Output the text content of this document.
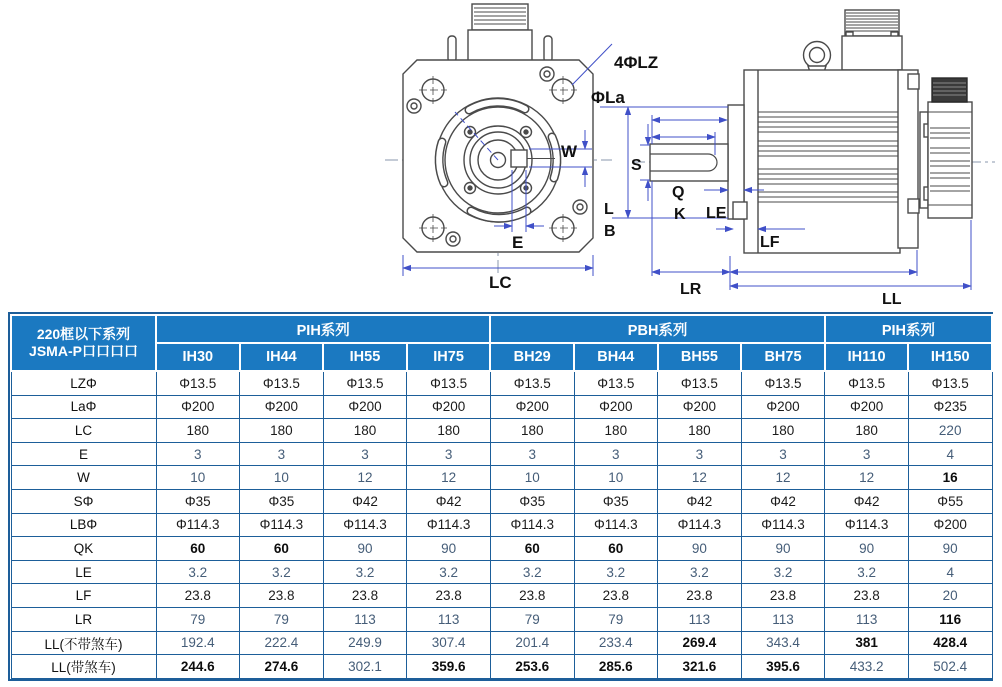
4ΦLZ
ΦLa
W
E
LC
S
Q
K LE
L
B
LF
LR
LL
220框以下系列
JSMA-P口口口口	PIH系列				PBH系列				PIH系列	
	IH30	IH44	IH55	IH75	BH29	BH44	BH55	BH75	IH110	IH150
LZΦ	Φ13.5	Φ13.5	Φ13.5	Φ13.5	Φ13.5	Φ13.5	Φ13.5	Φ13.5	Φ13.5	Φ13.5
LaΦ	Φ200	Φ200	Φ200	Φ200	Φ200	Φ200	Φ200	Φ200	Φ200	Φ235
LC	180	180	180	180	180	180	180	180	180	220
E	3	3	3	3	3	3	3	3	3	4
W	10	10	12	12	10	10	12	12	12	16
SΦ	Φ35	Φ35	Φ42	Φ42	Φ35	Φ35	Φ42	Φ42	Φ42	Φ55
LBΦ	Φ114.3	Φ114.3	Φ114.3	Φ114.3	Φ114.3	Φ114.3	Φ114.3	Φ114.3	Φ114.3	Φ200
QK	60	60	90	90	60	60	90	90	90	90
LE	3.2	3.2	3.2	3.2	3.2	3.2	3.2	3.2	3.2	4
LF	23.8	23.8	23.8	23.8	23.8	23.8	23.8	23.8	23.8	20
LR	79	79	113	113	79	79	113	113	113	116
LL(不带煞车)	192.4	222.4	249.9	307.4	201.4	233.4	269.4	343.4	381	428.4
LL(带煞车)	244.6	274.6	302.1	359.6	253.6	285.6	321.6	395.6	433.2	502.4
